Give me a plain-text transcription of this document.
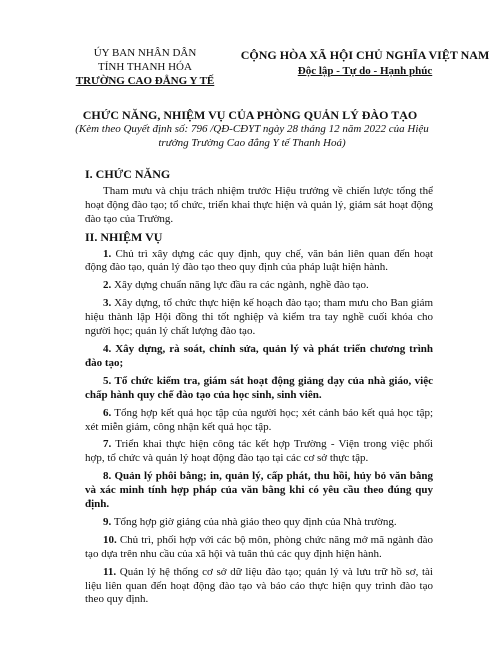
ÚY BAN NHÂN DÂN
TỈNH THANH HÓA
TRƯỜNG CAO ĐẲNG Y TẾ
CỘNG HÒA XÃ HỘI CHỦ NGHĨA VIỆT NAM
Độc lập - Tự do - Hạnh phúc
CHỨC NĂNG, NHIỆM VỤ CỦA PHÒNG QUẢN LÝ ĐÀO TẠO
(Kèm theo Quyết định số: 796 /QĐ-CĐYT ngày 28 tháng 12 năm 2022 của Hiệu trưởng Trường Cao đẳng Y tế Thanh Hoá)
I. CHỨC NĂNG

Tham mưu và chịu trách nhiệm trước Hiệu trưởng về chiến lược tổng thể hoạt động đào tạo; tổ chức, triển khai thực hiện và quản lý, giám sát hoạt động đào tạo của Trường.

II. NHIỆM VỤ

1. Chủ trì xây dựng các quy định, quy chế, văn bản liên quan đến hoạt động đào tạo, quản lý đào tạo theo quy định của pháp luật hiện hành.

2. Xây dựng chuẩn năng lực đầu ra các ngành, nghề đào tạo.

3. Xây dựng, tổ chức thực hiện kế hoạch đào tạo; tham mưu cho Ban giám hiệu thành lập Hội đồng thi tốt nghiệp và kiểm tra tay nghề cuối khóa cho người học; quản lý chất lượng đào tạo.

4. Xây dựng, rà soát, chỉnh sửa, quản lý và phát triển chương trình đào tạo;

5. Tổ chức kiểm tra, giám sát hoạt động giảng dạy của nhà giáo, việc chấp hành quy chế đào tạo của học sinh, sinh viên.

6. Tổng hợp kết quả học tập của người học; xét cảnh báo kết quả học tập; xét miễn giảm, công nhận kết quả học tập.

7. Triển khai thực hiện công tác kết hợp Trường - Viện trong việc phối hợp, tổ chức và quản lý hoạt động đào tạo tại các cơ sở thực tập.

8. Quản lý phôi bằng; in, quản lý, cấp phát, thu hồi, hủy bỏ văn bằng và xác minh tính hợp pháp của văn bằng khi có yêu cầu theo đúng quy định.

9. Tổng hợp giờ giảng của nhà giáo theo quy định của Nhà trường.

10. Chủ trì, phối hợp với các bộ môn, phòng chức năng mở mã ngành đào tạo dựa trên nhu cầu của xã hội và tuân thủ các quy định hiện hành.

11. Quản lý hệ thống cơ sở dữ liệu đào tạo; quản lý và lưu trữ hồ sơ, tài liệu liên quan đến hoạt động đào tạo và báo cáo thực hiện quy trình đào tạo theo quy định.
